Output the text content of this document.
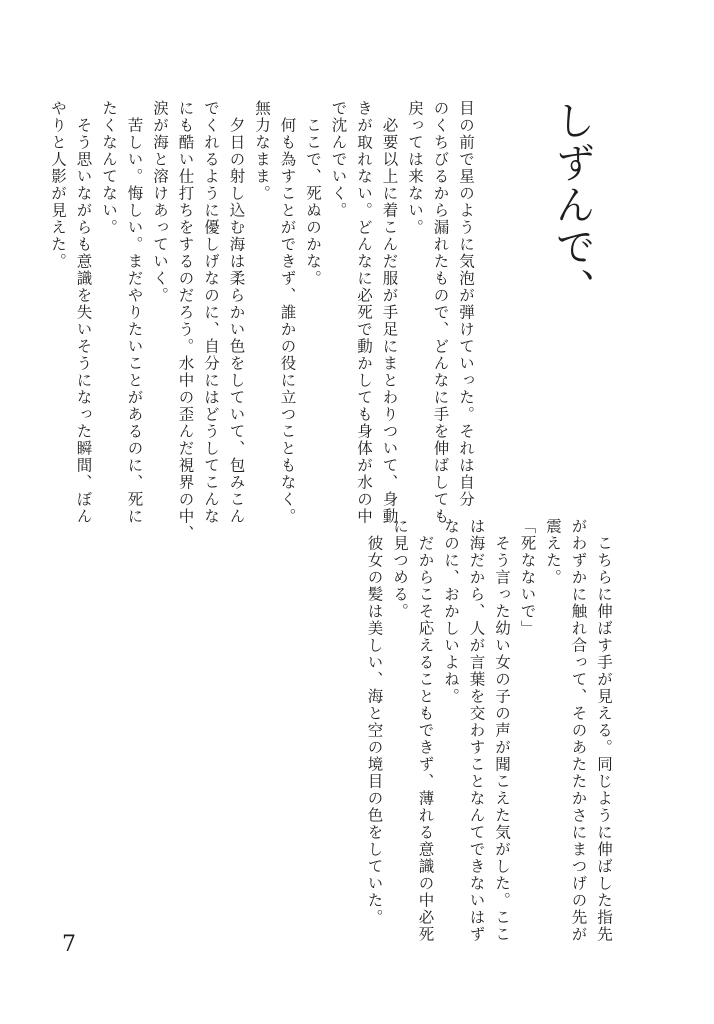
しずんで、

目の前で星のように気泡が弾けていった。それは自分

のくちびるから漏れたもので、どんなに手を伸ばしても

戻っては来ない。

　必要以上に着こんだ服が手足にまとわりついて、身動

きが取れない。どんなに必死で動かしても身体が水の中

で沈んでいく。

　ここで、死ぬのかな。

　何も為すことができず、誰かの役に立つこともなく。

無力なまま。

　夕日の射し込む海は柔らかい色をしていて、包みこん

でくれるように優しげなのに、自分にはどうしてこんな

にも酷い仕打ちをするのだろう。水中の歪んだ視界の中、

涙が海と溶けあっていく。

　苦しい。悔しい。まだやりたいことがあるのに、死に

たくなんてない。

　そう思いながらも意識を失いそうになった瞬間、ぼん

やりと人影が見えた。

　こちらに伸ばす手が見える。同じように伸ばした指先

がわずかに触れ合って、そのあたたかさにまつげの先が

震えた。

「死なないで」

　そう言った幼い女の子の声が聞こえた気がした。ここ

は海だから、人が言葉を交わすことなんてできないはず

なのに、おかしいよね。

　だからこそ応えることもできず、薄れる意識の中必死

に見つめる。

　彼女の髪は美しい、海と空の境目の色をしていた。

7
